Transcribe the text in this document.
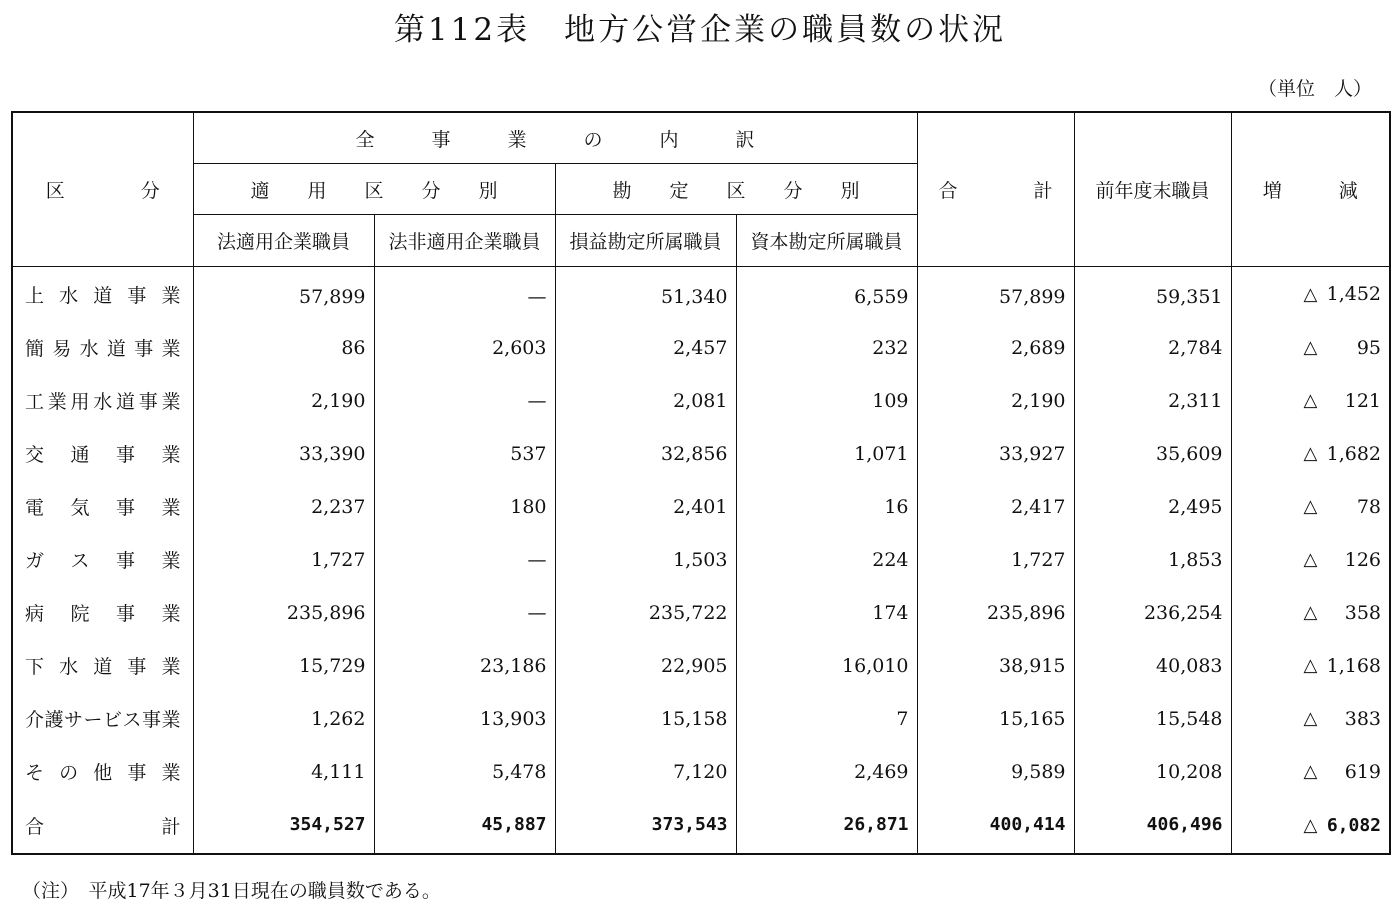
第112表　地方公営企業の職員数の状況
（単位　人）
区　　　　分	全　　　事　　　業　　　の　　　内　　　訳				合　　　　計	前年度末職員	増　　　減
	適　　用　　区　　分　　別		勘　　定　　区　　分　　別				
	法適用企業職員	法非適用企業職員	損益勘定所属職員	資本勘定所属職員			
上水道事業	57,899	—	51,340	6,559	57,899	59,351	△ 1,452

簡易水道事業	86	2,603	2,457	232	2,689	2,784	△ 95

工業用水道事業	2,190	—	2,081	109	2,190	2,311	△ 121

交通事業	33,390	537	32,856	1,071	33,927	35,609	△ 1,682

電気事業	2,237	180	2,401	16	2,417	2,495	△ 78

ガス事業	1,727	—	1,503	224	1,727	1,853	△ 126

病院事業	235,896	—	235,722	174	235,896	236,254	△ 358

下水道事業	15,729	23,186	22,905	16,010	38,915	40,083	△ 1,168

介護サービス事業	1,262	13,903	15,158	7	15,165	15,548	△ 383

その他事業	4,111	5,478	7,120	2,469	9,589	10,208	△ 619

合計	354,527	45,887	373,543	26,871	400,414	406,496	△ 6,082
（注）　平成17年３月31日現在の職員数である。
